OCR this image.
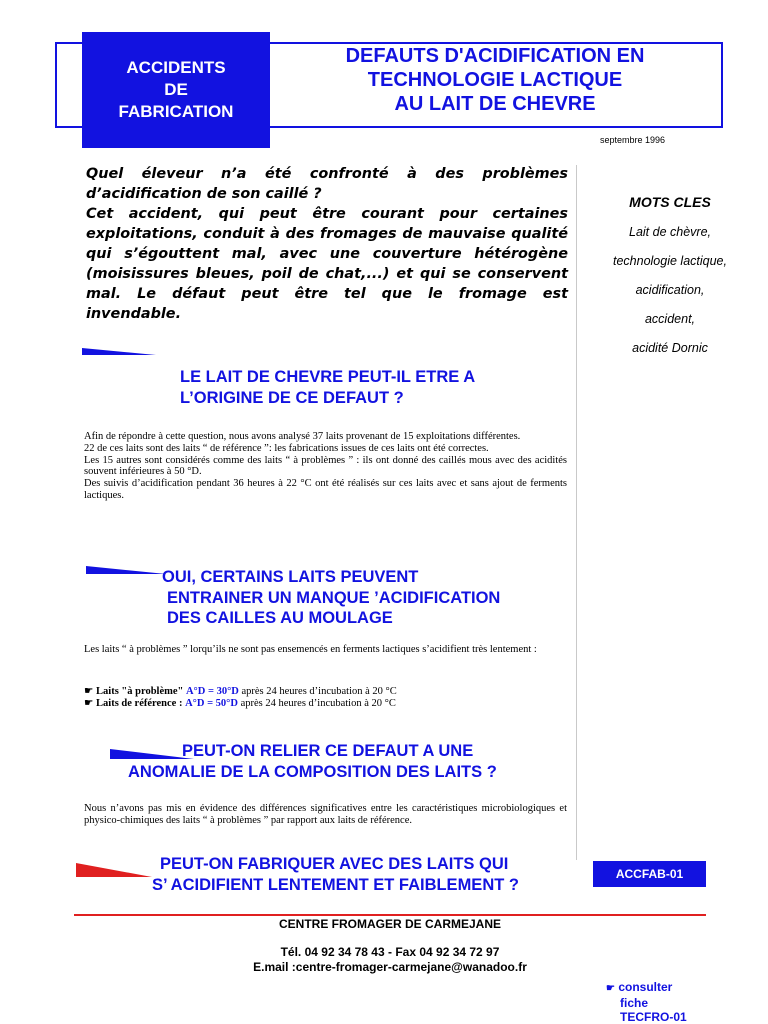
ACCIDENTS
DE
FABRICATION
DEFAUTS D'ACIDIFICATION EN
TECHNOLOGIE LACTIQUE
AU LAIT DE CHEVRE
septembre 1996

Quel éleveur n’a été confronté à des problèmes d’acidification de son caillé ?

Cet accident, qui peut être courant pour certaines exploitations, conduit à des fromages de mauvaise qualité qui s’égouttent mal, avec une couverture hétérogène (moisissures bleues, poil de chat,...) et qui se conservent mal. Le défaut peut être tel que le fromage est invendable.

MOTS CLES
Lait de chèvre,
technologie lactique,
acidification,
accident,
acidité Dornic
LE LAIT DE CHEVRE PEUT-IL ETRE A
L’ORIGINE DE CE DEFAUT ?

Afin de répondre à cette question, nous avons analysé 37 laits provenant de 15 exploitations différentes.

22 de ces laits sont des laits “ de référence ”: les fabrications issues de ces laits ont été correctes.

Les 15 autres sont considérés comme des laits “ à problèmes ” : ils ont donné des caillés mous avec des acidités souvent inférieures à 50 °D.

Des suivis d’acidification pendant 36 heures à 22 °C ont été réalisés sur ces laits avec et sans ajout de ferments lactiques.

OUI, CERTAINS LAITS PEUVENT
ENTRAINER UN MANQUE ’ACIDIFICATION
DES CAILLES AU MOULAGE

Les laits “ à problèmes ” lorqu’ils ne sont pas ensemencés en ferments lactiques s’acidifient très lentement :

☛ Laits "à problème" A°D = 30°D après 24 heures d’incubation à 20 °C
☛ Laits de référence : A°D = 50°D après 24 heures d’incubation à 20 °C
PEUT-ON RELIER CE DEFAUT A UNE
ANOMALIE DE LA COMPOSITION DES LAITS ?

Nous n’avons pas mis en évidence des différences significatives entre les caractéristiques microbiologiques et physico-chimiques des laits “ à problèmes ” par rapport aux laits de référence.

PEUT-ON FABRIQUER AVEC DES LAITS QUI
S’ ACIDIFIENT LENTEMENT ET FAIBLEMENT ?
ACCFAB-01
CENTRE FROMAGER DE CARMEJANE
Tél. 04 92 34 78 43 - Fax 04 92 34 72 97
E.mail :centre-fromager-carmejane@wanadoo.fr
☛ consulter
fiche
TECFRO-01
